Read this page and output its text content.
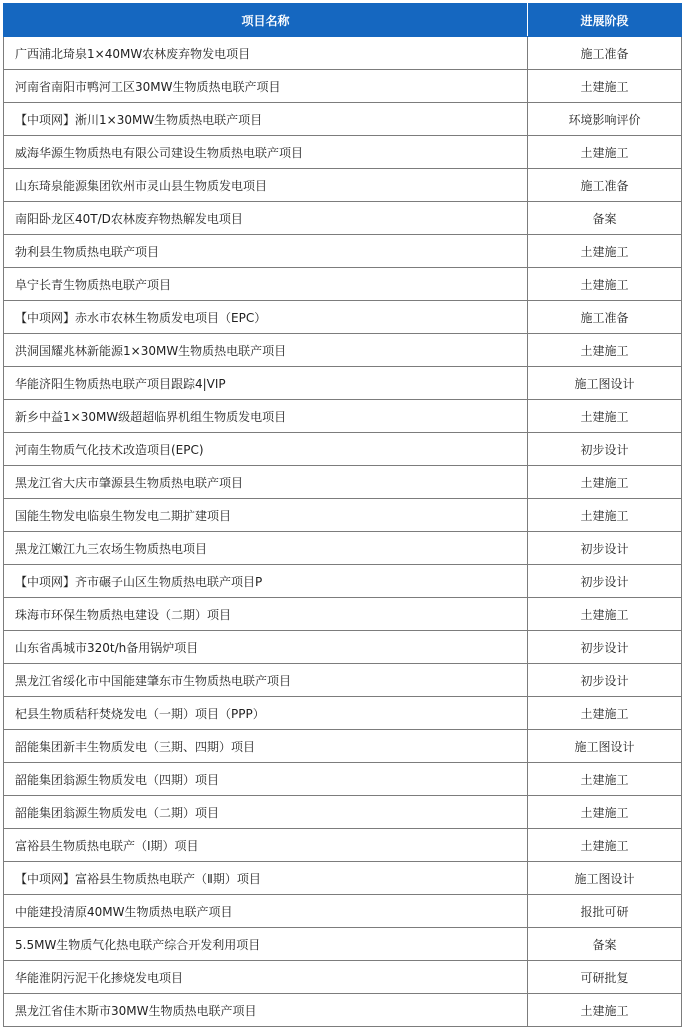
项目名称	进展阶段
广西浦北琦泉1×40MW农林废弃物发电项目	施工准备
河南省南阳市鸭河工区30MW生物质热电联产项目	土建施工
【中项网】淅川1×30MW生物质热电联产项目	环境影响评价
威海华源生物质热电有限公司建设生物质热电联产项目	土建施工
山东琦泉能源集团钦州市灵山县生物质发电项目	施工准备
南阳卧龙区40T/D农林废弃物热解发电项目	备案
勃利县生物质热电联产项目	土建施工
阜宁长青生物质热电联产项目	土建施工
【中项网】赤水市农林生物质发电项目（EPC）	施工准备
洪洞国耀兆林新能源1×30MW生物质热电联产项目	土建施工
华能济阳生物质热电联产项目跟踪4|VIP	施工图设计
新乡中益1×30MW级超超临界机组生物质发电项目	土建施工
河南生物质气化技术改造项目(EPC)	初步设计
黑龙江省大庆市肇源县生物质热电联产项目	土建施工
国能生物发电临泉生物发电二期扩建项目	土建施工
黑龙江嫩江九三农场生物质热电项目	初步设计
【中项网】齐市碾子山区生物质热电联产项目P	初步设计
珠海市环保生物质热电建设（二期）项目	土建施工
山东省禹城市320t/h备用锅炉项目	初步设计
黑龙江省绥化市中国能建肇东市生物质热电联产项目	初步设计
杞县生物质秸秆焚烧发电（一期）项目（PPP）	土建施工
韶能集团新丰生物质发电（三期、四期）项目	施工图设计
韶能集团翁源生物质发电（四期）项目	土建施工
韶能集团翁源生物质发电（二期）项目	土建施工
富裕县生物质热电联产（Ⅰ期）项目	土建施工
【中项网】富裕县生物质热电联产（Ⅱ期）项目	施工图设计
中能建投清原40MW生物质热电联产项目	报批可研
5.5MW生物质气化热电联产综合开发利用项目	备案
华能淮阴污泥干化掺烧发电项目	可研批复
黑龙江省佳木斯市30MW生物质热电联产项目	土建施工
